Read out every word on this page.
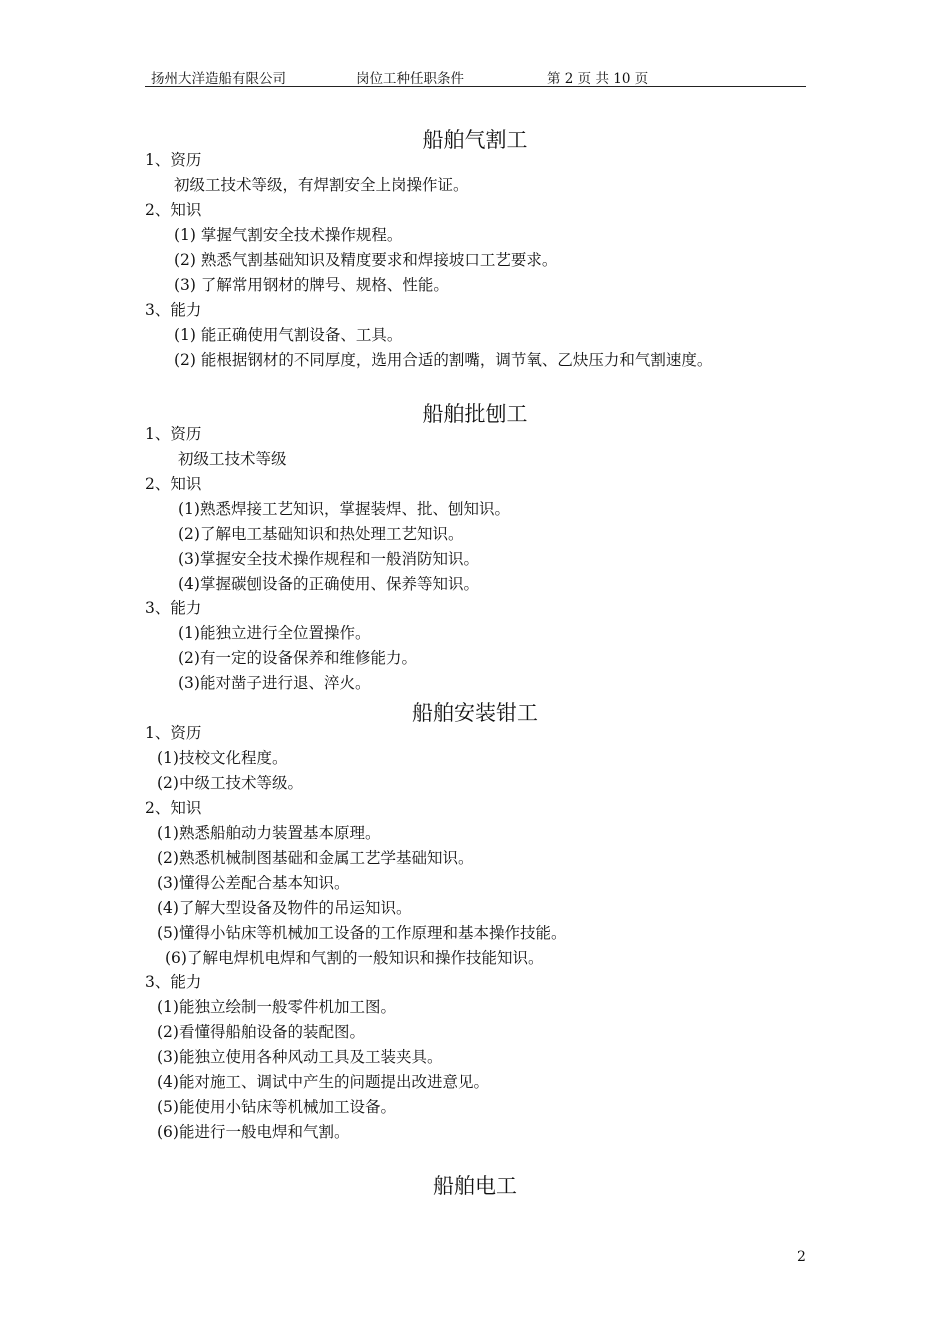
扬州大洋造船有限公司	岗位工种任职条件	第 2 页 共 10 页
船舶气割工
1、资历
初级工技术等级，有焊割安全上岗操作证。
2、知识
(1) 掌握气割安全技术操作规程。
(2) 熟悉气割基础知识及精度要求和焊接坡口工艺要求。
(3) 了解常用钢材的牌号、规格、性能。
3、能力
(1) 能正确使用气割设备、工具。
(2) 能根据钢材的不同厚度，选用合适的割嘴，调节氧、乙炔压力和气割速度。
船舶批刨工
1、资历
初级工技术等级
2、知识
(1)熟悉焊接工艺知识，掌握装焊、批、刨知识。
(2)了解电工基础知识和热处理工艺知识。
(3)掌握安全技术操作规程和一般消防知识。
(4)掌握碳刨设备的正确使用、保养等知识。
3、能力
(1)能独立进行全位置操作。
(2)有一定的设备保养和维修能力。
(3)能对凿子进行退、淬火。
船舶安装钳工
1、资历
(1)技校文化程度。
(2)中级工技术等级。
2、知识
(1)熟悉船舶动力装置基本原理。
(2)熟悉机械制图基础和金属工艺学基础知识。
(3)懂得公差配合基本知识。
(4)了解大型设备及物件的吊运知识。
(5)懂得小钻床等机械加工设备的工作原理和基本操作技能。
(6)了解电焊机电焊和气割的一般知识和操作技能知识。
3、能力
(1)能独立绘制一般零件机加工图。
(2)看懂得船舶设备的装配图。
(3)能独立使用各种风动工具及工装夹具。
(4)能对施工、调试中产生的问题提出改进意见。
(5)能使用小钻床等机械加工设备。
(6)能进行一般电焊和气割。
船舶电工
2
